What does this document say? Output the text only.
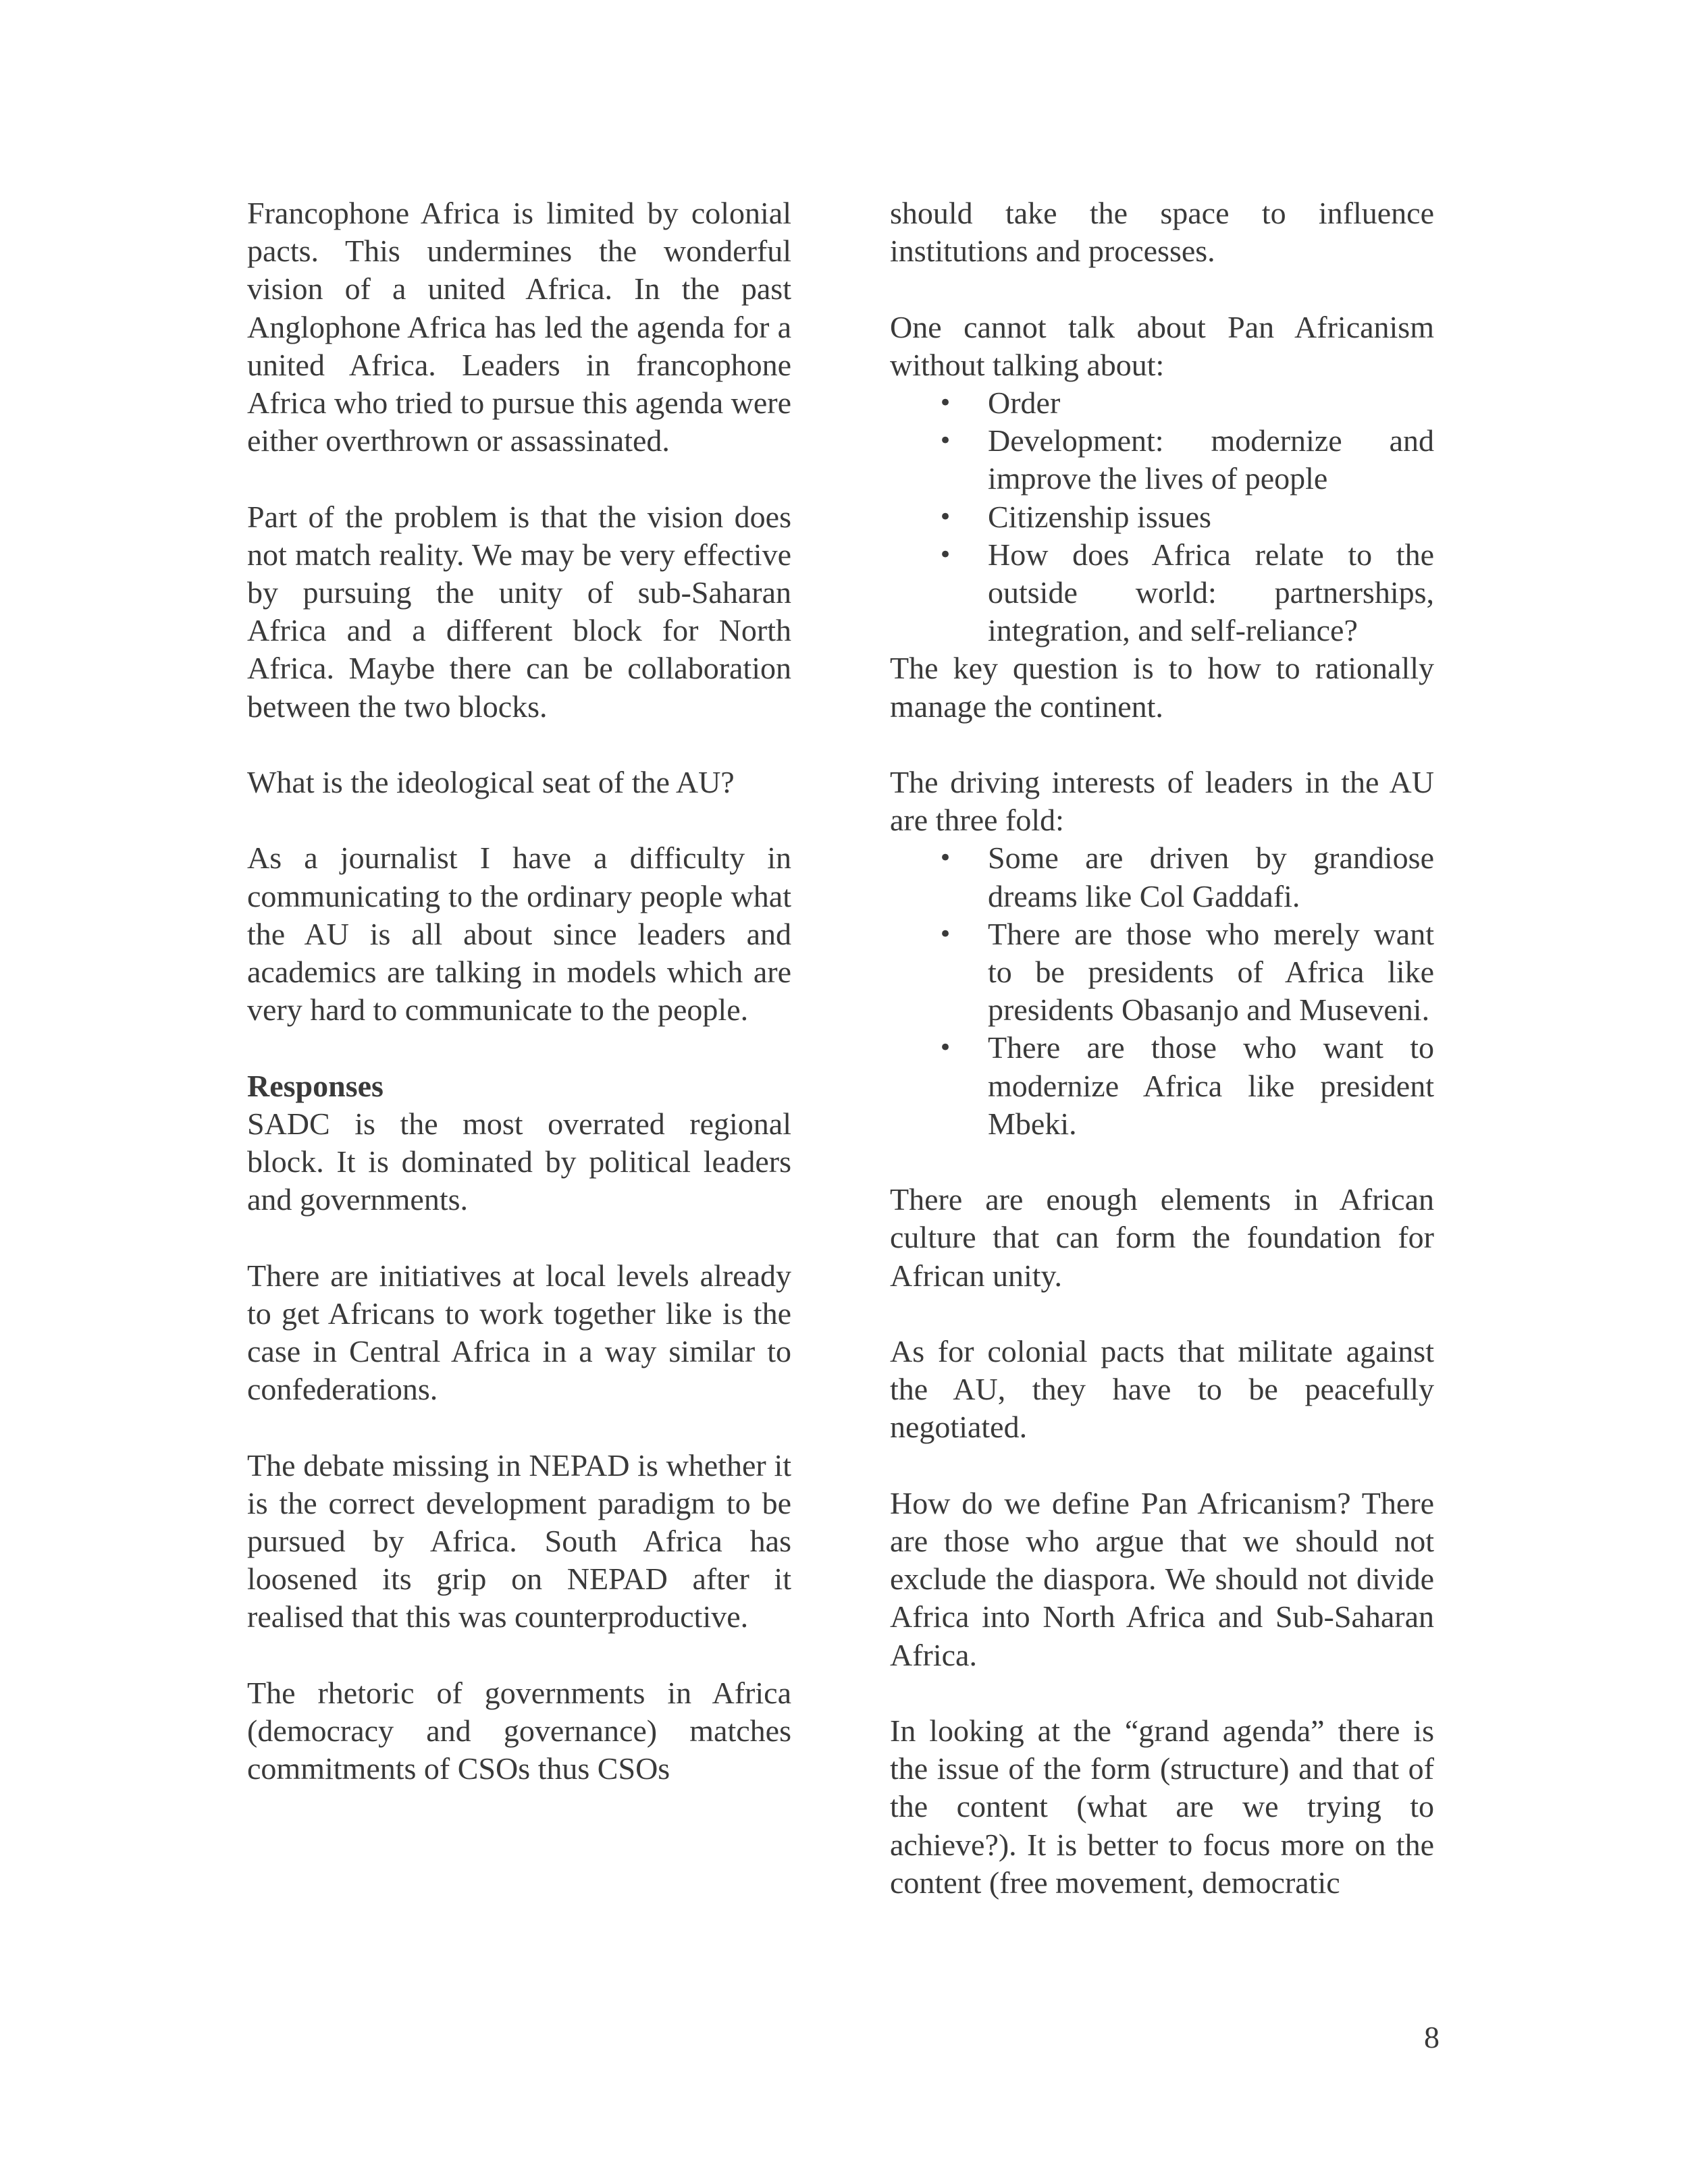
Francophone Africa is limited by colonial pacts. This undermines the wonderful vision of a united Africa. In the past Anglophone Africa has led the agenda for a united Africa. Leaders in francophone Africa who tried to pursue this agenda were either overthrown or assassinated.

Part of the problem is that the vision does not match reality. We may be very effective by pursuing the unity of sub-Saharan Africa and a different block for North Africa. Maybe there can be collaboration between the two blocks.

What is the ideological seat of the AU?

As a journalist I have a difficulty in communicating to the ordinary people what the AU is all about since leaders and academics are talking in models which are very hard to communicate to the people.

Responses

SADC is the most overrated regional block. It is dominated by political leaders and governments.

There are initiatives at local levels already to get Africans to work together like is the case in Central Africa in a way similar to confederations.

The debate missing in NEPAD is whether it is the correct development paradigm to be pursued by Africa. South Africa has loosened its grip on NEPAD after it realised that this was counterproductive.

The rhetoric of governments in Africa (democracy and governance) matches commitments of CSOs thus CSOs

should take the space to influence institutions and processes.

One cannot talk about Pan Africanism without talking about:

• Order
• Development: modernize and improve the lives of people
• Citizenship issues
• How does Africa relate to the outside world: partnerships, integration, and self-reliance?

The key question is to how to rationally manage the continent.

The driving interests of leaders in the AU are three fold:

• Some are driven by grandiose dreams like Col Gaddafi.
• There are those who merely want to be presidents of Africa like presidents Obasanjo and Museveni.
• There are those who want to modernize Africa like president Mbeki.

There are enough elements in African culture that can form the foundation for African unity.

As for colonial pacts that militate against the AU, they have to be peacefully negotiated.

How do we define Pan Africanism? There are those who argue that we should not exclude the diaspora. We should not divide Africa into North Africa and Sub-Saharan Africa.

In looking at the “grand agenda” there is the issue of the form (structure) and that of the content (what are we trying to achieve?). It is better to focus more on the content (free movement, democratic

8
